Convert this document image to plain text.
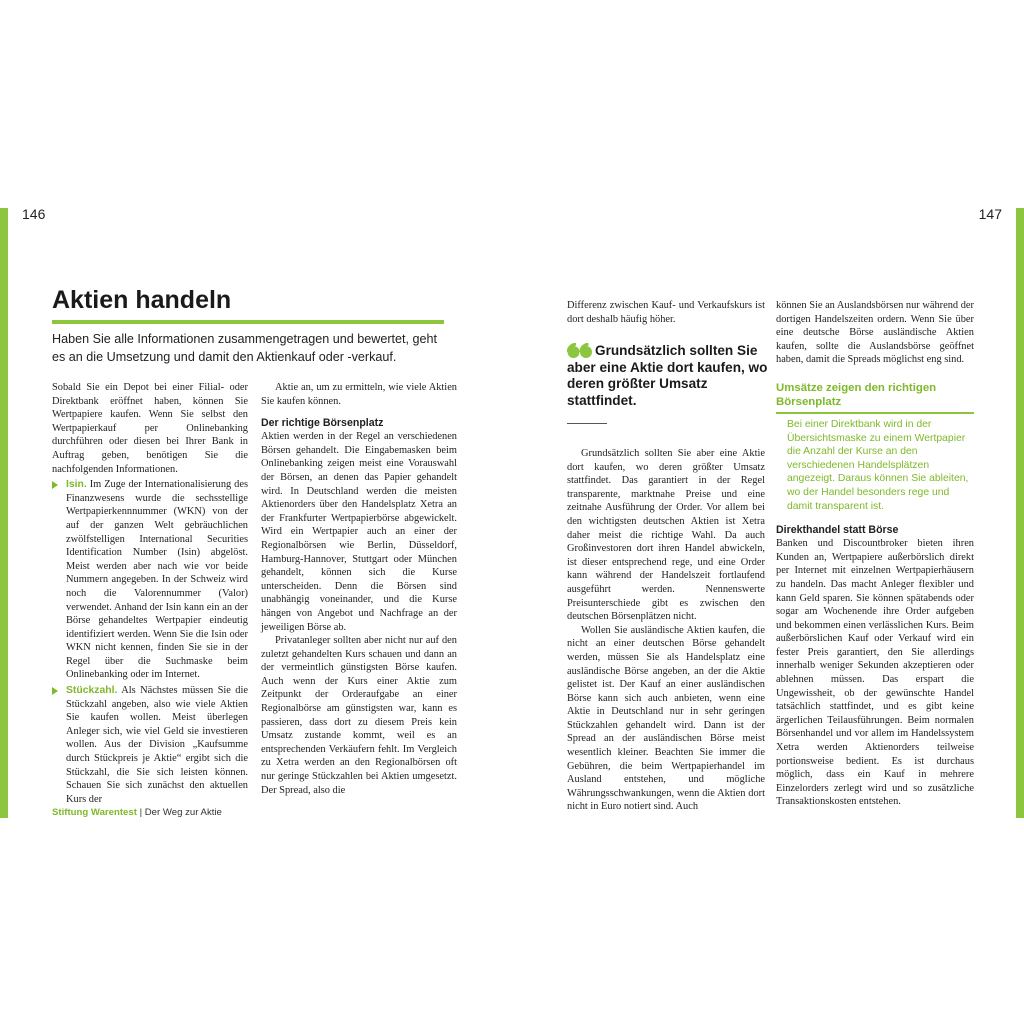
146	147
Aktien handeln

Haben Sie alle Informationen zusammengetragen und bewertet, geht es an die Umsetzung und damit den Aktienkauf oder -verkauf.

Sobald Sie ein Depot bei einer Filial- oder Direktbank eröffnet haben, können Sie Wertpapiere kaufen. Wenn Sie selbst den Wertpapierkauf per Onlinebanking durchführen oder diesen bei Ihrer Bank in Auftrag geben, benötigen Sie die nachfolgenden Informationen.

Isin. Im Zuge der Internationalisierung des Finanzwesens wurde die sechsstellige Wertpapierkennnummer (WKN) von der auf der ganzen Welt gebräuchlichen zwölfstelligen International Securities Identification Number (Isin) abgelöst. Meist werden aber nach wie vor beide Nummern angegeben. In der Schweiz wird noch die Valorennummer (Valor) verwendet. Anhand der Isin kann ein an der Börse gehandeltes Wertpapier eindeutig identifiziert werden. Wenn Sie die Isin oder WKN nicht kennen, finden Sie sie in der Regel über die Suchmaske beim Onlinebanking oder im Internet.

Stückzahl. Als Nächstes müssen Sie die Stückzahl angeben, also wie viele Aktien Sie kaufen wollen. Meist überlegen Anleger sich, wie viel Geld sie investieren wollen. Aus der Division „Kaufsumme durch Stückpreis je Aktie“ ergibt sich die Stückzahl, die Sie sich leisten können. Schauen Sie sich zunächst den aktuellen Kurs der

Aktie an, um zu ermitteln, wie viele Aktien Sie kaufen können.

Der richtige Börsenplatz

Aktien werden in der Regel an verschiedenen Börsen gehandelt. Die Eingabemasken beim Onlinebanking zeigen meist eine Vorauswahl der Börsen, an denen das Papier gehandelt wird. In Deutschland werden die meisten Aktienorders über den Handelsplatz Xetra an der Frankfurter Wertpapierbörse abgewickelt. Wird ein Wertpapier auch an einer der Regionalbörsen wie Berlin, Düsseldorf, Hamburg-Hannover, Stuttgart oder München gehandelt, können sich die Kurse unterscheiden. Denn die Börsen sind unabhängig voneinander, und die Kurse hängen von Angebot und Nachfrage an der jeweiligen Börse ab.

Privatanleger sollten aber nicht nur auf den zuletzt gehandelten Kurs schauen und dann an der vermeintlich günstigsten Börse kaufen. Auch wenn der Kurs einer Aktie zum Zeitpunkt der Orderaufgabe an einer Regionalbörse am günstigsten war, kann es passieren, dass dort zu diesem Preis kein Umsatz zustande kommt, weil es an entsprechenden Verkäufern fehlt. Im Vergleich zu Xetra werden an den Regionalbörsen oft nur geringe Stückzahlen bei Aktien umgesetzt. Der Spread, also die

Differenz zwischen Kauf- und Verkaufskurs ist dort deshalb häufig höher.

Grundsätzlich sollten Sie aber eine Aktie dort kaufen, wo deren größter Umsatz stattfindet.

Grundsätzlich sollten Sie aber eine Aktie dort kaufen, wo deren größter Umsatz stattfindet. Das garantiert in der Regel transparente, marktnahe Preise und eine zeitnahe Ausführung der Order. Vor allem bei den wichtigsten deutschen Aktien ist Xetra daher meist die richtige Wahl. Da auch Großinvestoren dort ihren Handel abwickeln, ist dieser entsprechend rege, und eine Order kann während der Handelszeit fortlaufend ausgeführt werden. Nennenswerte Preisunterschiede gibt es zwischen den deutschen Börsenplätzen nicht.

Wollen Sie ausländische Aktien kaufen, die nicht an einer deutschen Börse gehandelt werden, müssen Sie als Handelsplatz eine ausländische Börse angeben, an der die Aktie gelistet ist. Der Kauf an einer ausländischen Börse kann sich auch anbieten, wenn eine Aktie in Deutschland nur in sehr geringen Stückzahlen gehandelt wird. Dann ist der Spread an der ausländischen Börse meist wesentlich kleiner. Beachten Sie immer die Gebühren, die beim Wertpapierhandel im Ausland entstehen, und mögliche Währungsschwankungen, wenn die Aktien dort nicht in Euro notiert sind. Auch

können Sie an Auslandsbörsen nur während der dortigen Handelszeiten ordern. Wenn Sie über eine deutsche Börse ausländische Aktien kaufen, sollte die Auslandsbörse geöffnet haben, damit die Spreads möglichst eng sind.

Umsätze zeigen den richtigen Börsenplatz

Bei einer Direktbank wird in der Übersichtsmaske zu einem Wertpapier die Anzahl der Kurse an den verschiedenen Handelsplätzen angezeigt. Daraus können Sie ableiten, wo der Handel besonders rege und damit transparent ist.

Direkthandel statt Börse

Banken und Discountbroker bieten ihren Kunden an, Wertpapiere außerbörslich direkt per Internet mit einzelnen Wertpapierhäusern zu handeln. Das macht Anleger flexibler und kann Geld sparen. Sie können spätabends oder sogar am Wochenende ihre Order aufgeben und bekommen einen verlässlichen Kurs. Beim außerbörslichen Kauf oder Verkauf wird ein fester Preis garantiert, den Sie allerdings innerhalb weniger Sekunden akzeptieren oder ablehnen müssen. Das erspart die Ungewissheit, ob der gewünschte Handel tatsächlich stattfindet, und es gibt keine ärgerlichen Teilausführungen. Beim normalen Börsenhandel und vor allem im Handelssystem Xetra werden Aktienorders teilweise portionsweise bedient. Es ist durchaus möglich, dass ein Kauf in mehrere Einzelorders zerlegt wird und so zusätzliche Transaktionskosten entstehen.

Stiftung Warentest | Der Weg zur Aktie
